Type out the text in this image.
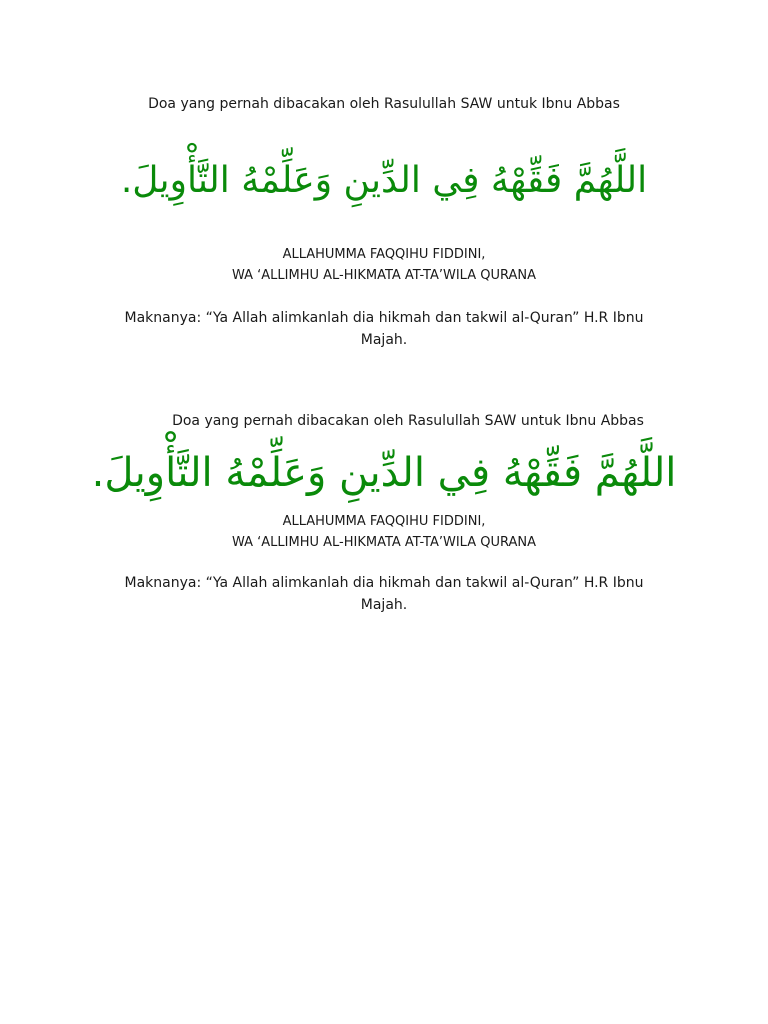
Doa yang pernah dibacakan oleh Rasulullah SAW untuk Ibnu Abbas
اللَّهُمَّ فَقِّهْهُ فِي الدِّينِ وَعَلِّمْهُ التَّأْوِيلَ.
ALLAHUMMA FAQQIHU FIDDINI,
WA ‘ALLIMHU AL-HIKMATA AT-TA’WILA QURANA
Maknanya: “Ya Allah alimkanlah dia hikmah dan takwil al-Quran” H.R Ibnu Majah.
Doa yang pernah dibacakan oleh Rasulullah SAW untuk Ibnu Abbas
اللَّهُمَّ فَقِّهْهُ فِي الدِّينِ وَعَلِّمْهُ التَّأْوِيلَ.
ALLAHUMMA FAQQIHU FIDDINI,
WA ‘ALLIMHU AL-HIKMATA AT-TA’WILA QURANA
Maknanya: “Ya Allah alimkanlah dia hikmah dan takwil al-Quran” H.R Ibnu Majah.
